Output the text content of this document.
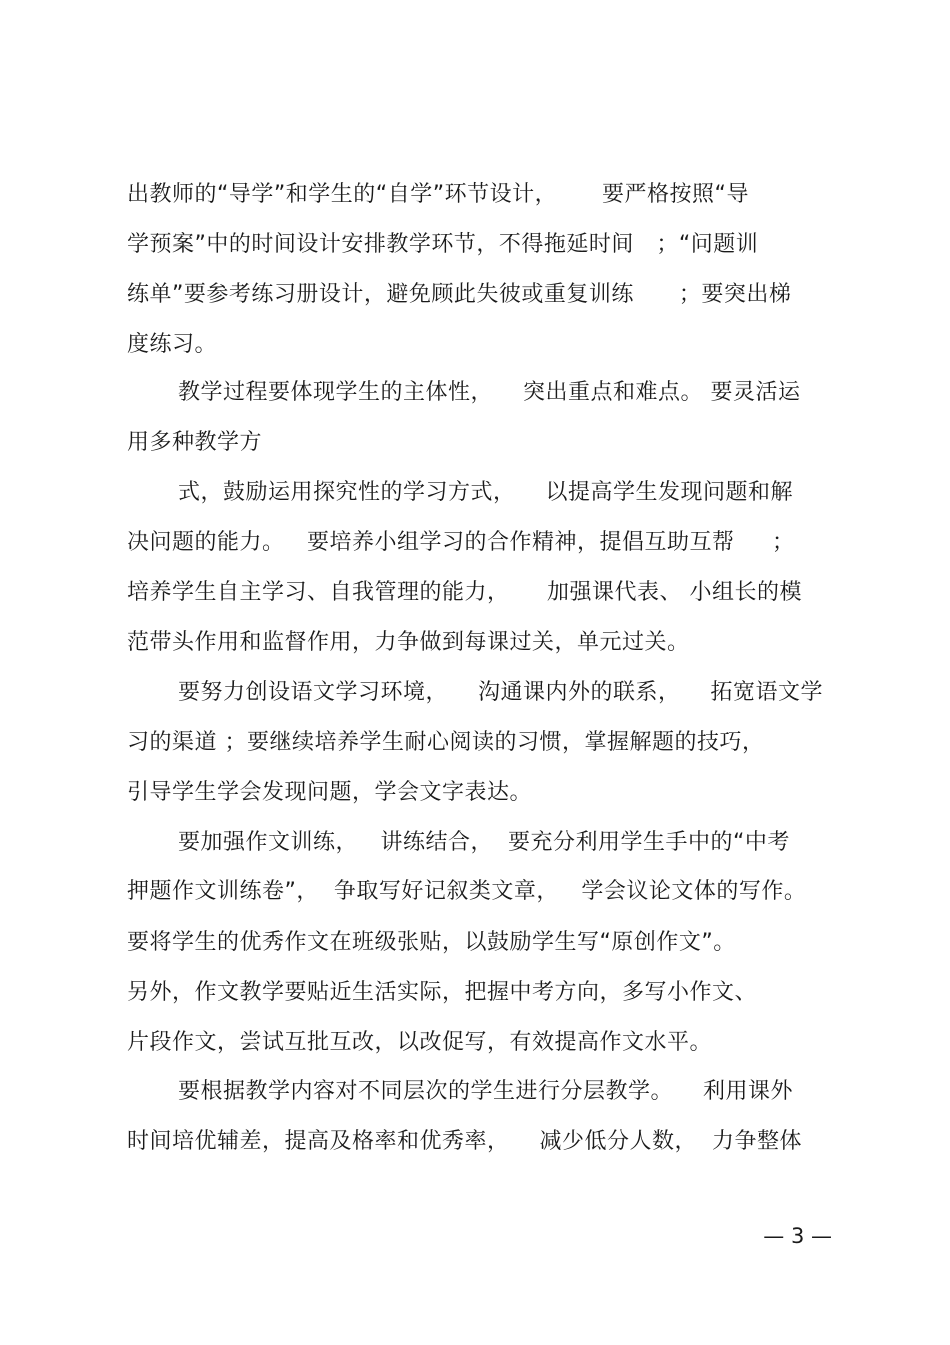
出教师的“导学”和学生的“自学”环节设计，      要严格按照“导
学预案”中的时间设计安排教学环节，不得拖延时间   ；“问题训
练单”要参考练习册设计，避免顾此失彼或重复训练      ；要突出梯
度练习。
教学过程要体现学生的主体性，    突出重点和难点。 要灵活运
用多种教学方
式，鼓励运用探究性的学习方式，    以提高学生发现问题和解
决问题的能力。   要培养小组学习的合作精神，提倡互助互帮     ；
培养学生自主学习、自我管理的能力，     加强课代表、 小组长的模
范带头作用和监督作用，力争做到每课过关，单元过关。
要努力创设语文学习环境，    沟通课内外的联系，    拓宽语文学
习的渠道 ；要继续培养学生耐心阅读的习惯，掌握解题的技巧，
引导学生学会发现问题，学会文字表达。
要加强作文训练，   讲练结合，  要充分利用学生手中的“中考
押题作文训练卷”，  争取写好记叙类文章，   学会议论文体的写作。
要将学生的优秀作文在班级张贴，以鼓励学生写“原创作文”。
另外，作文教学要贴近生活实际，把握中考方向，多写小作文、
片段作文，尝试互批互改，以改促写，有效提高作文水平。
要根据教学内容对不同层次的学生进行分层教学。    利用课外
时间培优辅差，提高及格率和优秀率，    减少低分人数，  力争整体
— 3 —
